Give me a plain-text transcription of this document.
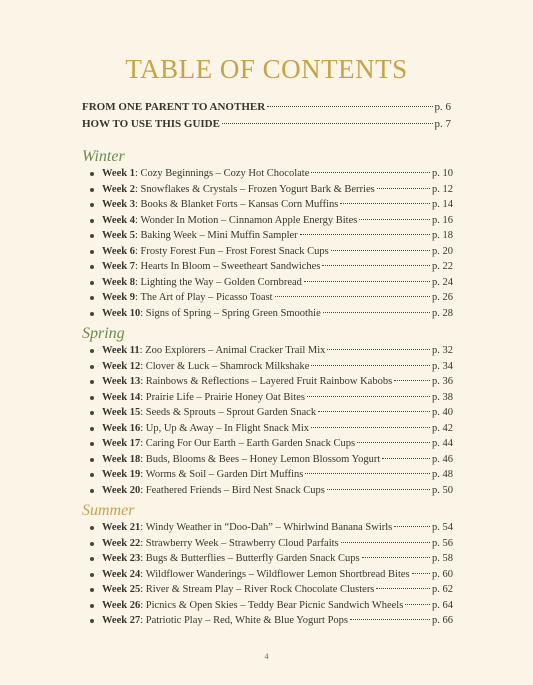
TABLE OF CONTENTS
FROM ONE PARENT TO ANOTHER	p. 6
HOW TO USE THIS GUIDE	p. 7
Winter
Week 1 : Cozy Beginnings – Cozy Hot Chocolate	p. 10
Week 2 : Snowflakes & Crystals – Frozen Yogurt Bark & Berries	p. 12
Week 3 : Books & Blanket Forts – Kansas Corn Muffins	p. 14
Week 4 : Wonder In Motion – Cinnamon Apple Energy Bites	p. 16
Week 5 : Baking Week – Mini Muffin Sampler	p. 18
Week 6 : Frosty Forest Fun – Frost Forest Snack Cups	p. 20
Week 7 : Hearts In Bloom – Sweetheart Sandwiches	p. 22
Week 8 : Lighting the Way – Golden Cornbread	p. 24
Week 9 : The Art of Play – Picasso Toast	p. 26
Week 10 : Signs of Spring – Spring Green Smoothie	p. 28
Spring
Week 11 : Zoo Explorers – Animal Cracker Trail Mix	p. 32
Week 12 : Clover & Luck – Shamrock Milkshake	p. 34
Week 13 : Rainbows & Reflections – Layered Fruit Rainbow Kabobs	p. 36
Week 14 : Prairie Life – Prairie Honey Oat Bites	p. 38
Week 15 : Seeds & Sprouts – Sprout Garden Snack	p. 40
Week 16 : Up, Up & Away – In Flight Snack Mix	p. 42
Week 17 : Caring For Our Earth – Earth Garden Snack Cups	p. 44
Week 18 : Buds, Blooms & Bees – Honey Lemon Blossom Yogurt	p. 46
Week 19 : Worms & Soil – Garden Dirt Muffins	p. 48
Week 20 : Feathered Friends – Bird Nest Snack Cups	p. 50
Summer
Week 21 : Windy Weather in “Doo-Dah” – Whirlwind Banana Swirls	p. 54
Week 22 : Strawberry Week – Strawberry Cloud Parfaits	p. 56
Week 23 : Bugs & Butterflies – Butterfly Garden Snack Cups	p. 58
Week 24 : Wildflower Wanderings – Wildflower Lemon Shortbread Bites p. 60
Week 25 : River & Stream Play – River Rock Chocolate Clusters	p. 62
Week 26 : Picnics & Open Skies – Teddy Bear Picnic Sandwich Wheels	p. 64
Week 27 : Patriotic Play – Red, White & Blue Yogurt Pops	p. 66
4
